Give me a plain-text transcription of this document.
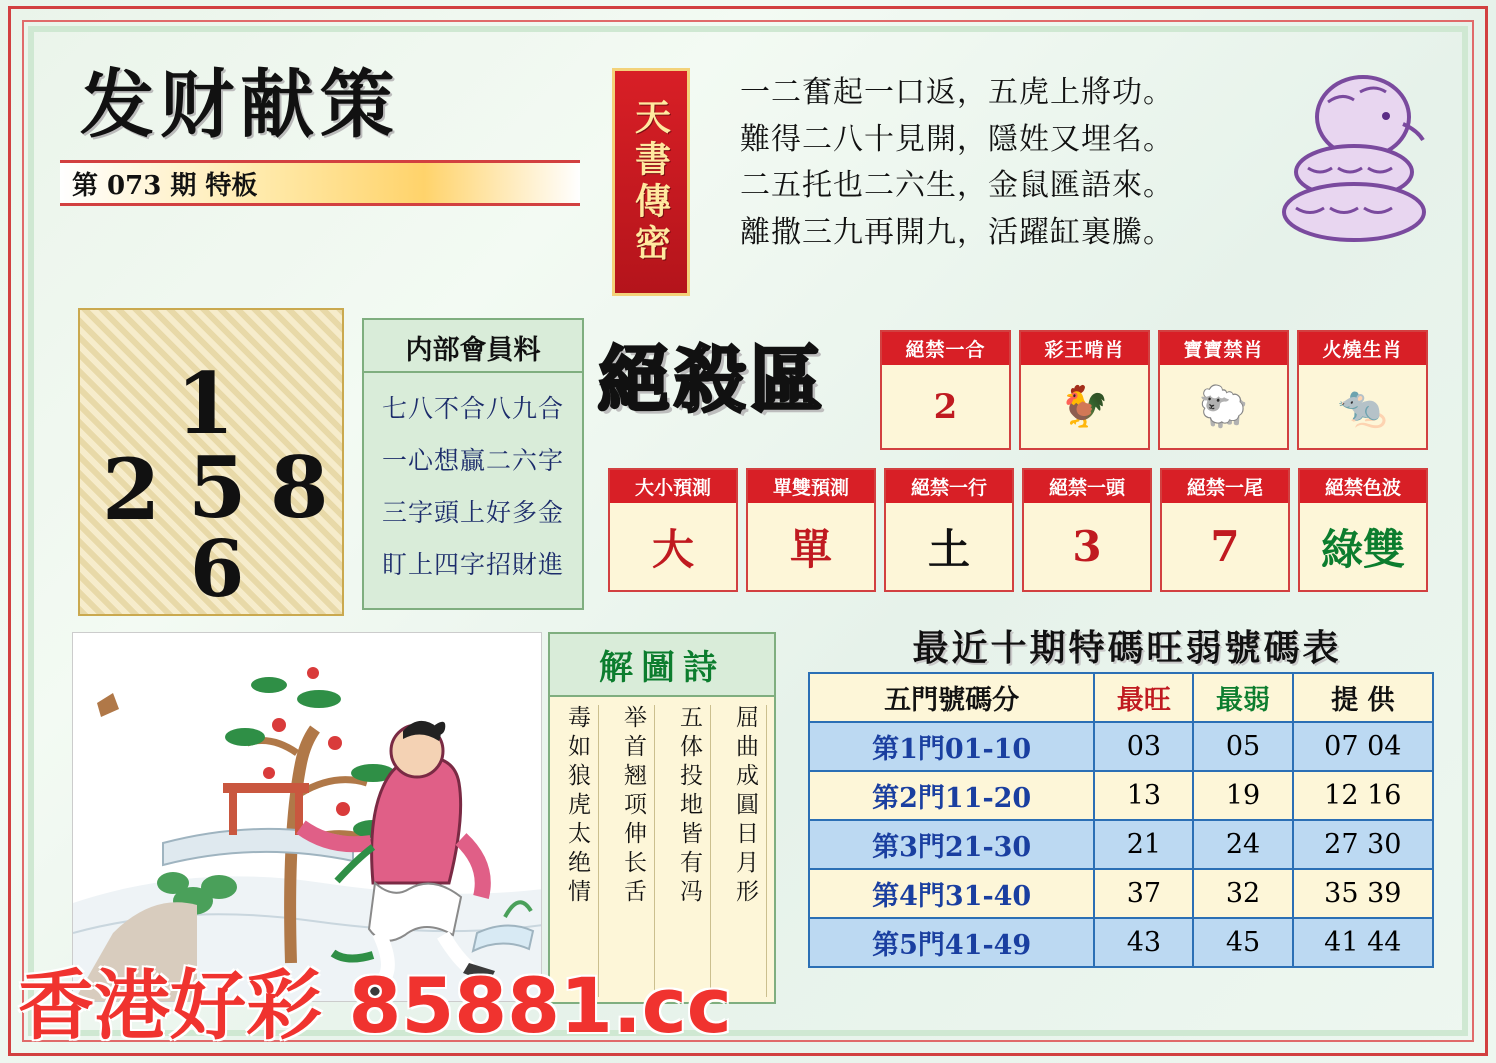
发财献策
第 073 期 特板	天書傳密
一二奮起一口返，五虎上將功。
難得二八十見開，隱姓又埋名。
二五托也二六生，金鼠匯語來。
離撒三九再開九，活躍缸裏騰。
1
2 5 8
6
内部會員料
七八不合八九合
一心想贏二六字
三字頭上好多金
盯上四字招財進
絕殺區	絕禁一合
2
彩王啃肖
🐓
寶寶禁肖
🐑
火燒生肖
🐀
大小預測
大
單雙預測
單
絕禁一行
土
絕禁一頭
3
絕禁一尾
7
絕禁色波
綠雙
解圖詩
屈曲成圓日月形
五体投地皆有冯
举首翘项伸长舌
毒如狼虎太绝情
最近十期特碼旺弱號碼表
五門號碼分	最旺	最弱	提 供
第1門01-10	03	05	07 04
第2門11-20	13	19	12 16
第3門21-30	21	24	27 30
第4門31-40	37	32	35 39
第5門41-49	43	45	41 44
香港好彩 85881.cc
